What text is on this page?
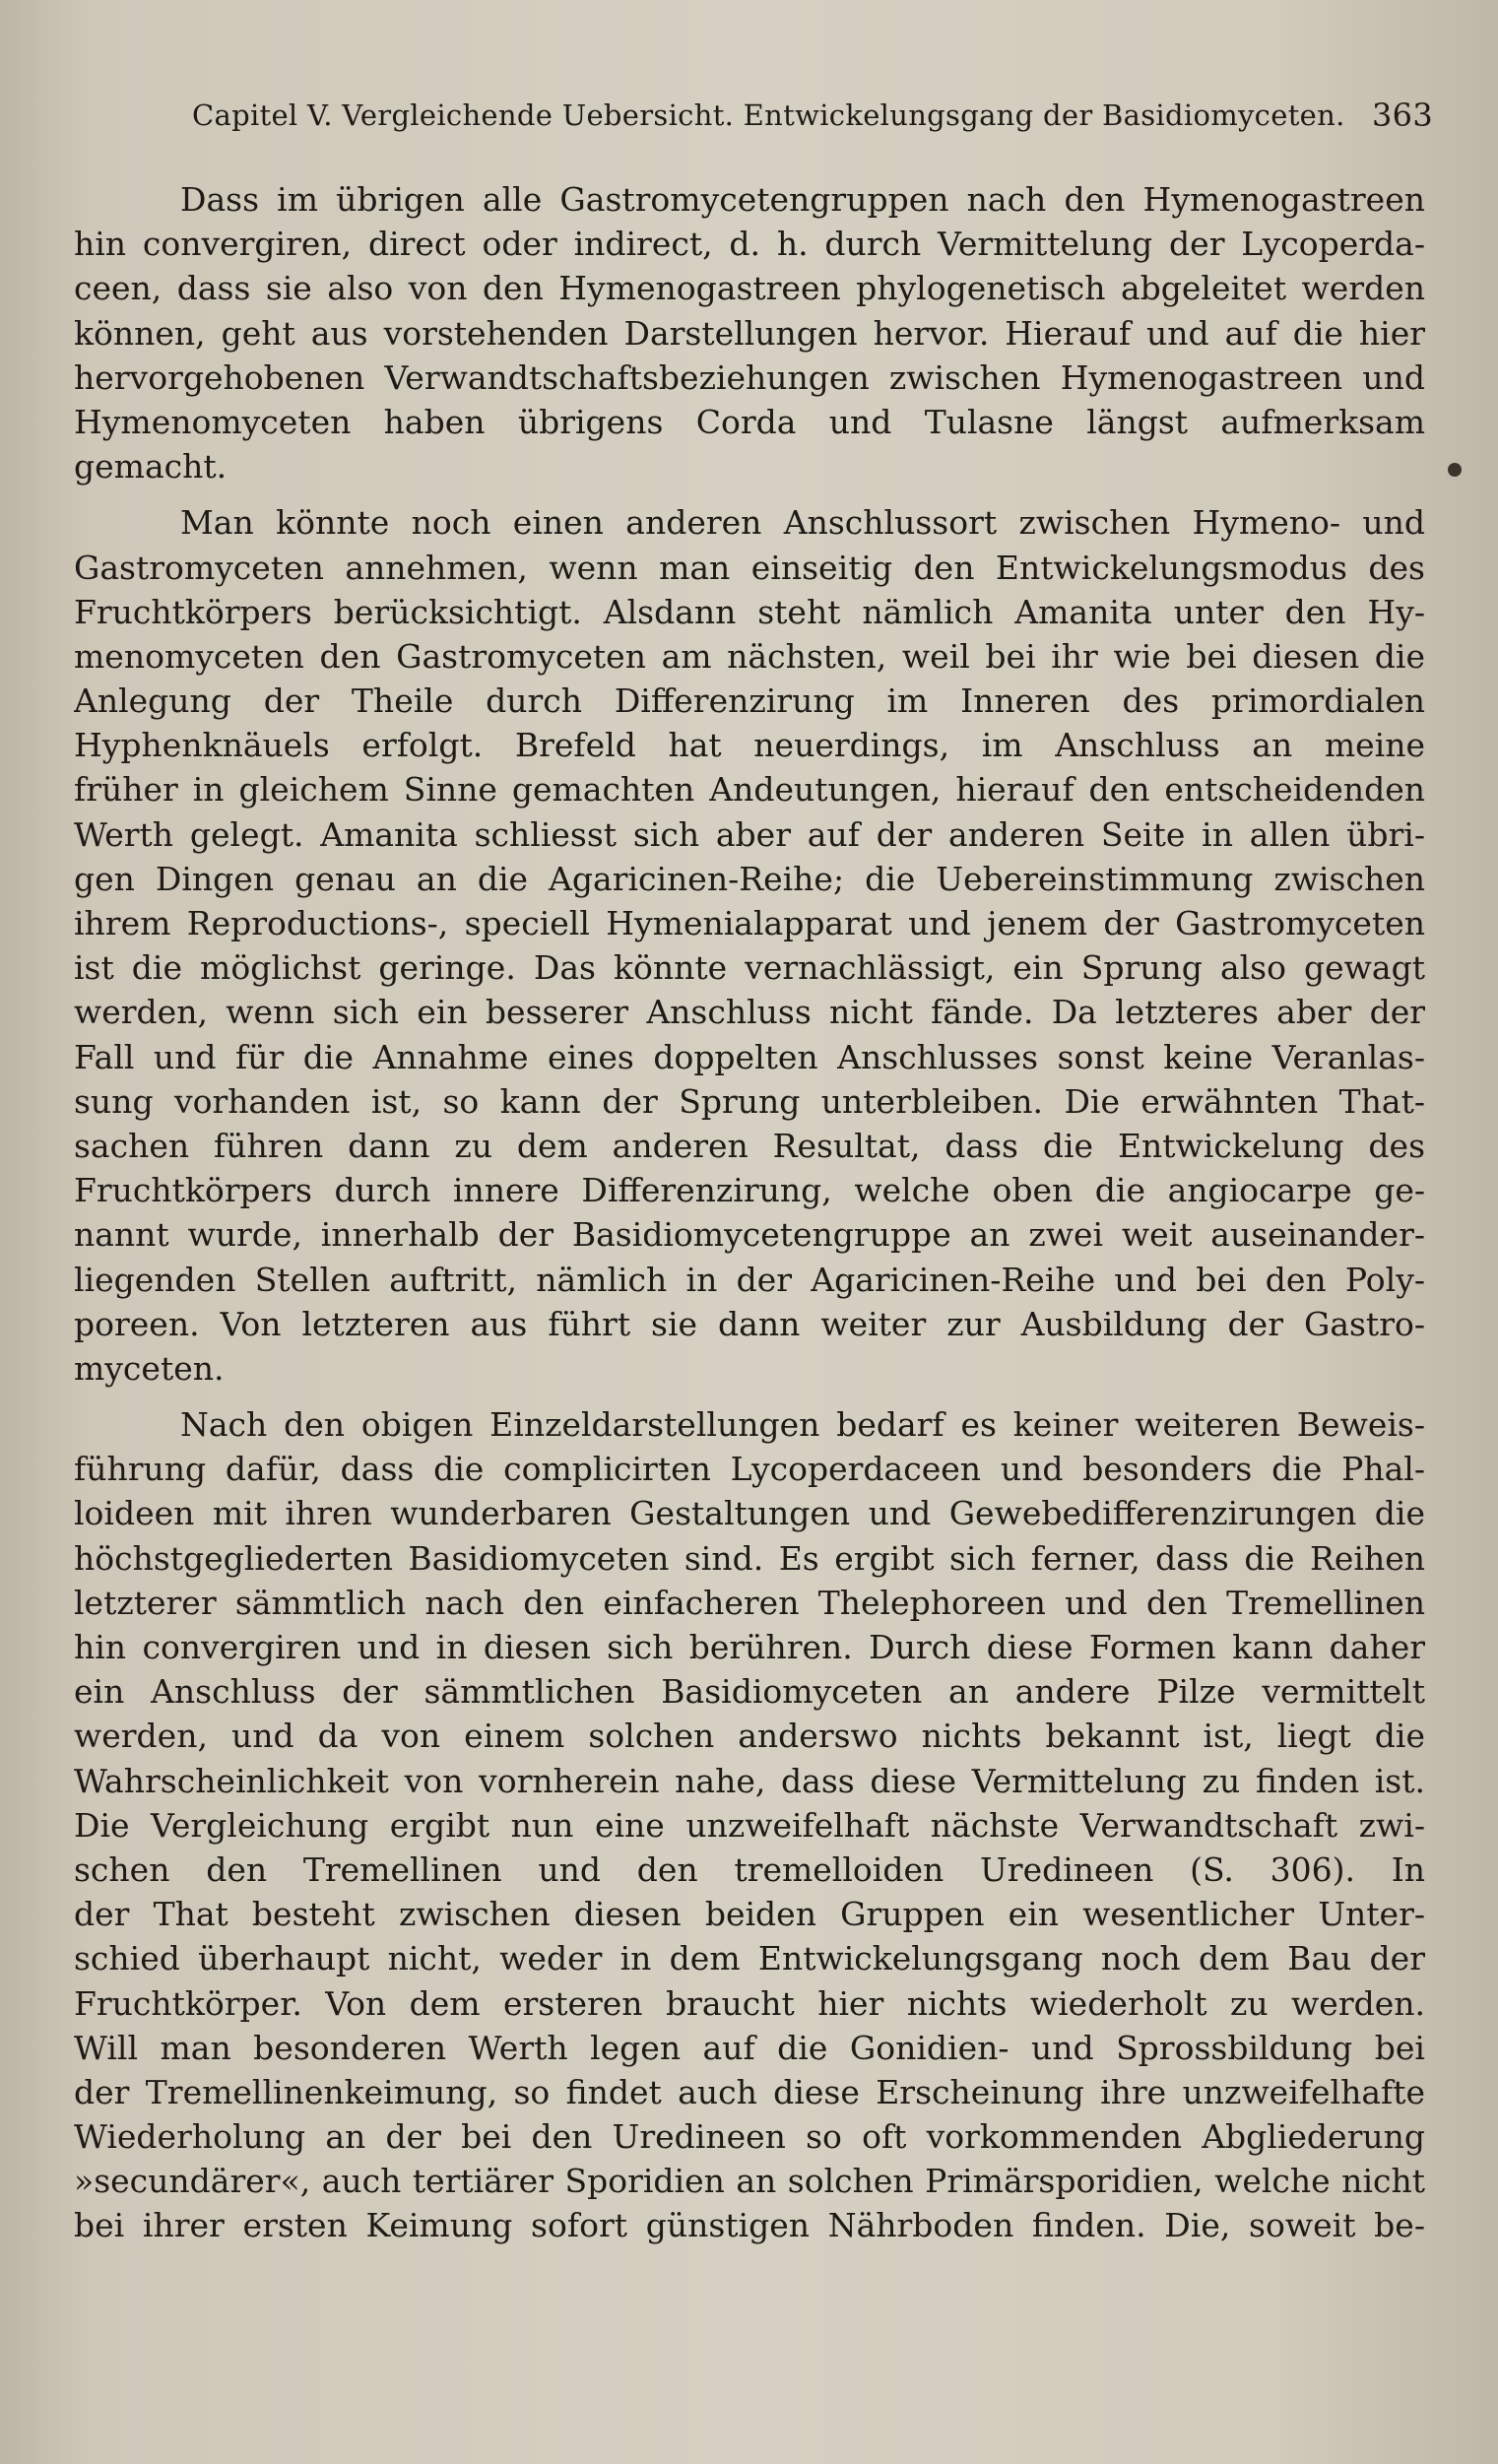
Capitel V. Vergleichende Uebersicht. Entwickelungsgang der Basidiomyceten. 363
Dass im übrigen alle Gastromycetengruppen nach den Hymenogastreen
hin convergiren, direct oder indirect, d. h. durch Vermittelung der Lycoperda-
ceen, dass sie also von den Hymenogastreen phylogenetisch abgeleitet werden
können, geht aus vorstehenden Darstellungen hervor. Hierauf und auf die hier
hervorgehobenen Verwandtschaftsbeziehungen zwischen Hymenogastreen und
Hymenomyceten haben übrigens Corda und Tulasne längst aufmerksam
gemacht.
Man könnte noch einen anderen Anschlussort zwischen Hymeno- und
Gastromyceten annehmen, wenn man einseitig den Entwickelungsmodus des
Fruchtkörpers berücksichtigt. Alsdann steht nämlich Amanita unter den Hy-
menomyceten den Gastromyceten am nächsten, weil bei ihr wie bei diesen die
Anlegung der Theile durch Differenzirung im Inneren des primordialen
Hyphenknäuels erfolgt. Brefeld hat neuerdings, im Anschluss an meine
früher in gleichem Sinne gemachten Andeutungen, hierauf den entscheidenden
Werth gelegt. Amanita schliesst sich aber auf der anderen Seite in allen übri-
gen Dingen genau an die Agaricinen-Reihe; die Uebereinstimmung zwischen
ihrem Reproductions-, speciell Hymenialapparat und jenem der Gastromyceten
ist die möglichst geringe. Das könnte vernachlässigt, ein Sprung also gewagt
werden, wenn sich ein besserer Anschluss nicht fände. Da letzteres aber der
Fall und für die Annahme eines doppelten Anschlusses sonst keine Veranlas-
sung vorhanden ist, so kann der Sprung unterbleiben. Die erwähnten That-
sachen führen dann zu dem anderen Resultat, dass die Entwickelung des
Fruchtkörpers durch innere Differenzirung, welche oben die angiocarpe ge-
nannt wurde, innerhalb der Basidiomycetengruppe an zwei weit auseinander-
liegenden Stellen auftritt, nämlich in der Agaricinen-Reihe und bei den Poly-
poreen. Von letzteren aus führt sie dann weiter zur Ausbildung der Gastro-
myceten.
Nach den obigen Einzeldarstellungen bedarf es keiner weiteren Beweis-
führung dafür, dass die complicirten Lycoperdaceen und besonders die Phal-
loideen mit ihren wunderbaren Gestaltungen und Gewebedifferenzirungen die
höchstgegliederten Basidiomyceten sind. Es ergibt sich ferner, dass die Reihen
letzterer sämmtlich nach den einfacheren Thelephoreen und den Tremellinen
hin convergiren und in diesen sich berühren. Durch diese Formen kann daher
ein Anschluss der sämmtlichen Basidiomyceten an andere Pilze vermittelt
werden, und da von einem solchen anderswo nichts bekannt ist, liegt die
Wahrscheinlichkeit von vornherein nahe, dass diese Vermittelung zu finden ist.
Die Vergleichung ergibt nun eine unzweifelhaft nächste Verwandtschaft zwi-
schen den Tremellinen und den tremelloiden Uredineen (S. 306). In
der That besteht zwischen diesen beiden Gruppen ein wesentlicher Unter-
schied überhaupt nicht, weder in dem Entwickelungsgang noch dem Bau der
Fruchtkörper. Von dem ersteren braucht hier nichts wiederholt zu werden.
Will man besonderen Werth legen auf die Gonidien- und Sprossbildung bei
der Tremellinenkeimung, so findet auch diese Erscheinung ihre unzweifelhafte
Wiederholung an der bei den Uredineen so oft vorkommenden Abgliederung
»secundärer«, auch tertiärer Sporidien an solchen Primärsporidien, welche nicht
bei ihrer ersten Keimung sofort günstigen Nährboden finden. Die, soweit be-
